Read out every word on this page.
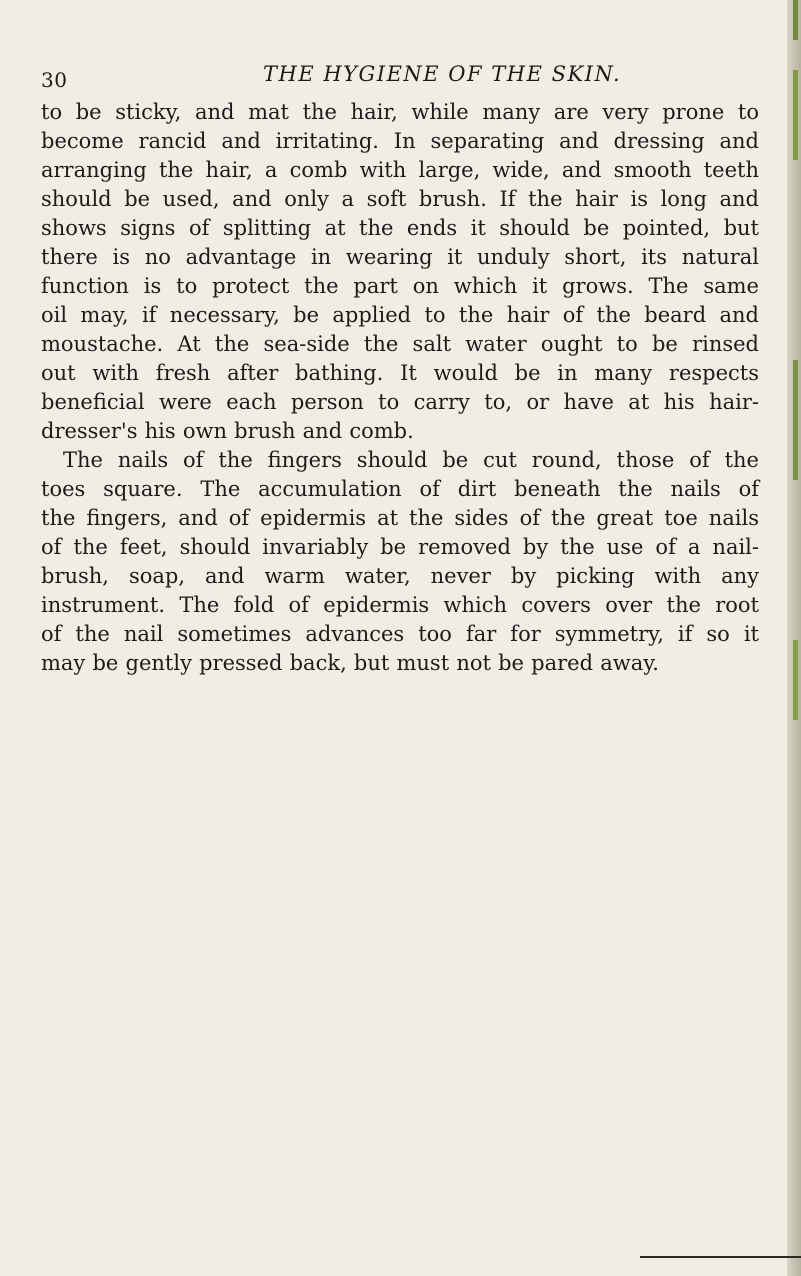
30	THE HYGIENE OF THE SKIN.
to be sticky, and mat the hair, while many are very prone to
become rancid and irritating. In separating and dressing and
arranging the hair, a comb with large, wide, and smooth teeth
should be used, and only a soft brush. If the hair is long and
shows signs of splitting at the ends it should be pointed, but
there is no advantage in wearing it unduly short, its natural
function is to protect the part on which it grows. The same
oil may, if necessary, be applied to the hair of the beard and
moustache. At the sea-side the salt water ought to be rinsed
out with fresh after bathing. It would be in many respects
beneficial were each person to carry to, or have at his hair-
dresser's his own brush and comb.
The nails of the fingers should be cut round, those of the
toes square. The accumulation of dirt beneath the nails of
the fingers, and of epidermis at the sides of the great toe nails
of the feet, should invariably be removed by the use of a nail-
brush, soap, and warm water, never by picking with any
instrument. The fold of epidermis which covers over the root
of the nail sometimes advances too far for symmetry, if so it
may be gently pressed back, but must not be pared away.
